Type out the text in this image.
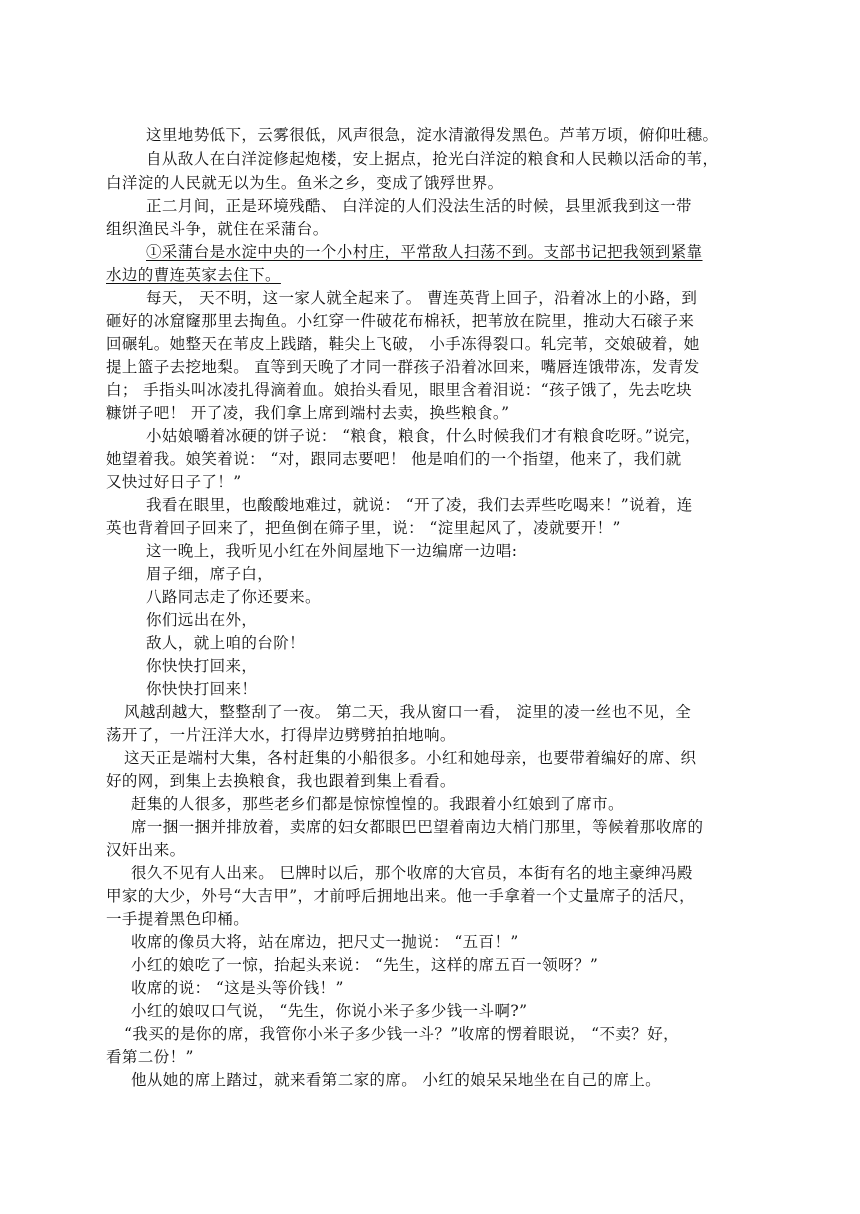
这里地势低下，云雾很低，风声很急，淀水清澈得发黑色。芦苇万顷，俯仰吐穗。
自从敌人在白洋淀修起炮楼，安上据点，抢光白洋淀的粮食和人民赖以活命的苇，
白洋淀的人民就无以为生。鱼米之乡，变成了饿殍世界。
正二月间，正是环境残酷、 白洋淀的人们没法生活的时候，县里派我到这一带
组织渔民斗争，就住在采蒲台。
①采蒲台是水淀中央的一个小村庄，平常敌人扫荡不到。支部书记把我领到紧靠
水边的曹连英家去住下。
每天， 天不明，这一家人就全起来了。 曹连英背上回子，沿着冰上的小路，到
砸好的冰窟窿那里去掏鱼。小红穿一件破花布棉袄，把苇放在院里，推动大石磙子来
回碾轧。她整天在苇皮上践踏，鞋尖上飞破， 小手冻得裂口。轧完苇，交娘破着，她
提上篮子去挖地梨。 直等到天晚了才同一群孩子沿着冰回来，嘴唇连饿带冻，发青发
白； 手指头叫冰凌扎得滴着血。娘抬头看见，眼里含着泪说：“孩子饿了，先去吃块
糠饼子吧！ 开了凌，我们拿上席到端村去卖，换些粮食。”
小姑娘嚼着冰硬的饼子说： “粮食，粮食，什么时候我们才有粮食吃呀。”说完，
她望着我。娘笑着说： “对，跟同志要吧！ 他是咱们的一个指望，他来了，我们就
又快过好日子了！”
我看在眼里，也酸酸地难过，就说： “开了凌，我们去弄些吃喝来！”说着，连
英也背着回子回来了，把鱼倒在筛子里，说： “淀里起风了，凌就要开！”
这一晚上，我听见小红在外间屋地下一边编席一边唱:
眉子细，席子白，
八路同志走了你还要来。
你们远出在外，
敌人，就上咱的台阶！
你快快打回来，
你快快打回来！
风越刮越大，整整刮了一夜。 第二天，我从窗口一看， 淀里的凌一丝也不见，全
荡开了，一片汪洋大水，打得岸边劈劈拍拍地响。
这天正是端村大集，各村赶集的小船很多。小红和她母亲，也要带着编好的席、织
好的网，到集上去换粮食，我也跟着到集上看看。
赶集的人很多，那些老乡们都是惊惊惶惶的。我跟着小红娘到了席市。
席一捆一捆并排放着，卖席的妇女都眼巴巴望着南边大梢门那里，等候着那收席的
汉奸出来。
很久不见有人出来。 巳牌时以后，那个收席的大官员，本街有名的地主豪绅冯殿
甲家的大少，外号“大吉甲”，才前呼后拥地出来。他一手拿着一个丈量席子的活尺，
一手提着黑色印桶。
收席的像员大将，站在席边，把尺丈一抛说： “五百！”
小红的娘吃了一惊，抬起头来说： “先生，这样的席五百一领呀？”
收席的说： “这是头等价钱！”
小红的娘叹口气说， “先生，你说小米子多少钱一斗啊?”
“我买的是你的席，我管你小米子多少钱一斗？”收席的愣着眼说， “不卖？好，
看第二份！”
他从她的席上踏过，就来看第二家的席。 小红的娘呆呆地坐在自己的席上。
